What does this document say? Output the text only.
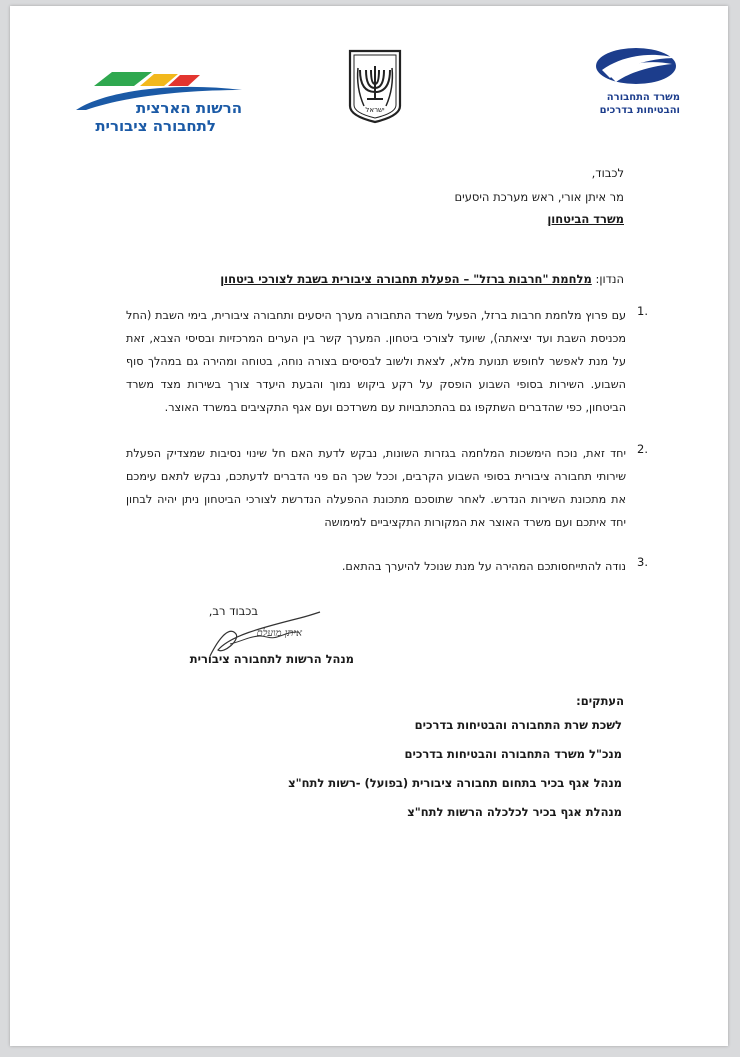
הרשות הארצית
לתחבורה ציבורית
ישראל
משרד התחבורה
והבטיחות בדרכים
לכבוד,
מר איתן אורי, ראש מערכת היסעים
משרד הביטחון
הנדון: מלחמת "חרבות ברזל" – הפעלת תחבורה ציבורית בשבת לצורכי ביטחון
1.
עם פרוץ מלחמת חרבות ברזל, הפעיל משרד התחבורה מערך היסעים ותחבורה ציבורית, בימי השבת (החל מכניסת השבת ועד יציאתה), שיועד לצורכי ביטחון. המערך קשר בין הערים המרכזיות ובסיסי הצבא, זאת על מנת לאפשר לחופש תנועת מלא, לצאת ולשוב לבסיסים בצורה נוחה, בטוחה ומהירה גם במהלך סוף השבוע. השירות בסופי השבוע הופסק על רקע ביקוש נמוך והבעת היעדר צורך בשירות מצד משרד הביטחון, כפי שהדברים השתקפו גם בהתכתבויות עם משרדכם ועם אגף התקציבים במשרד האוצר.
2.
יחד זאת, נוכח הימשכות המלחמה בגזרות השונות, נבקש לדעת האם חל שינוי נסיבות שמצדיק הפעלת שירותי תחבורה ציבורית בסופי השבוע הקרבים, וככל שכך הם פני הדברים לדעתכם, נבקש לתאם עימכם את מתכונת השירות הנדרש. לאחר שתוסכם מתכונת ההפעלה הנדרשת לצורכי הביטחון ניתן יהיה לבחון יחד איתכם ועם משרד האוצר את המקורות התקציביים למימושה
3.
נודה להתייחסותכם המהירה על מנת שנוכל להיערך בהתאם.
בכבוד רב,
איתן מועלם
מנהל הרשות לתחבורה ציבורית
העתקים:
לשכת שרת התחבורה והבטיחות בדרכים
מנכ"ל משרד התחבורה והבטיחות בדרכים
מנהל אגף בכיר בתחום תחבורה ציבורית (בפועל) -רשות לתח"צ
מנהלת אגף בכיר לכלכלה הרשות לתח"צ
